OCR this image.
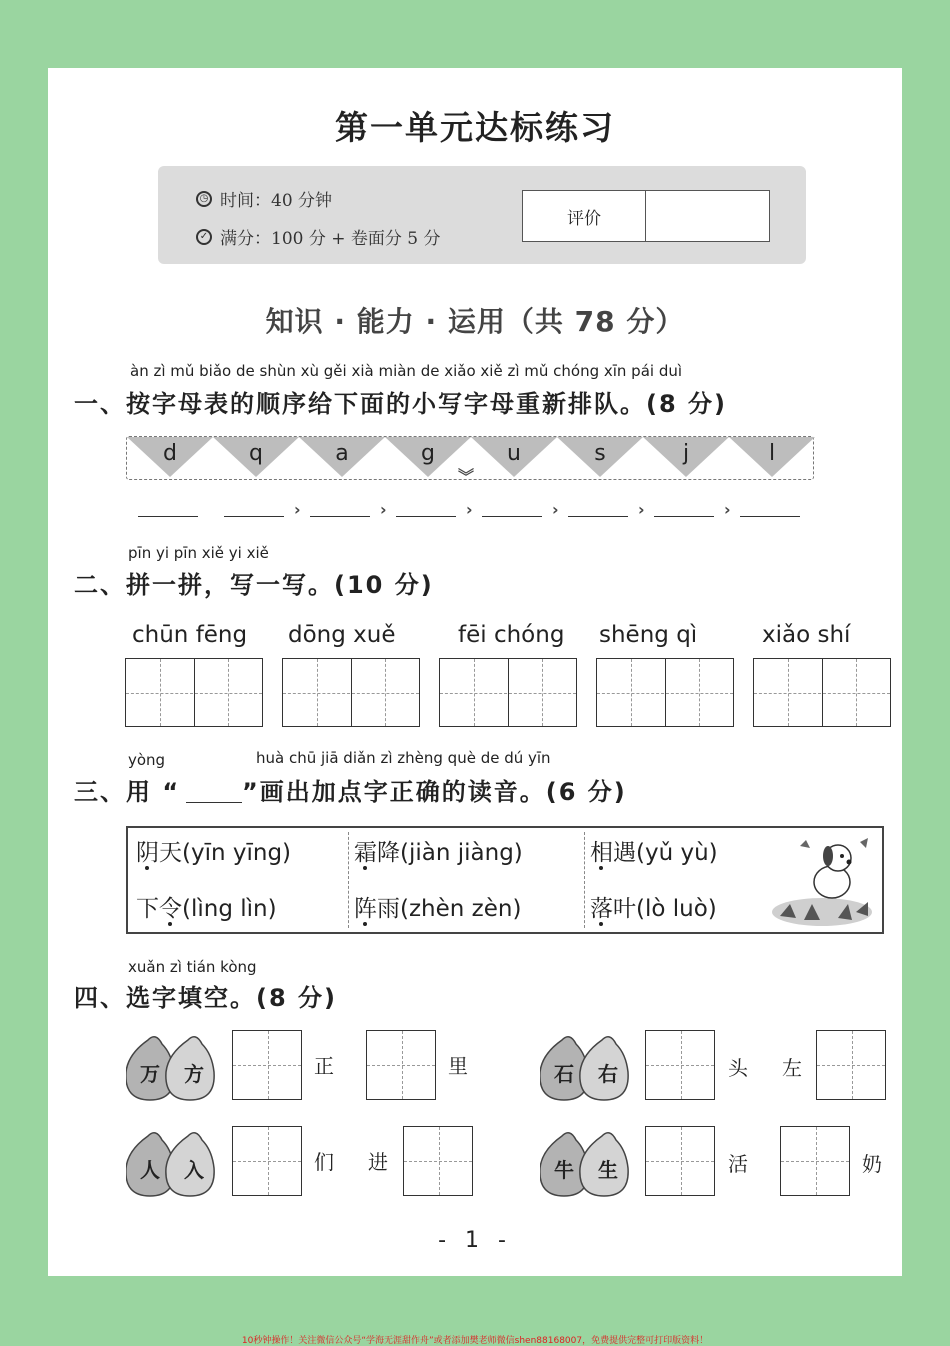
第一单元达标练习
◷ 时间：40 分钟
✓ 满分：100 分 + 卷面分 5 分
评价
知识 · 能力 · 运用（共 78 分）
àn zì mǔ biǎo de shùn xù gěi xià miàn de xiǎo xiě zì mǔ chóng xīn pái duì
一、按字母表的顺序给下面的小写字母重新排队。(8 分)
d	q	a	g	u	s	j	l
︾
›	›	›	›	›	›
pīn yi pīn xiě yi xiě
二、拼一拼，写一写。(10 分)
chūn fēng dōng xuě	fēi chóng shēng qì	xiǎo shí
yòng	huà chū jiā diǎn zì zhèng què de dú yīn
三、用 “	”画出加点字正确的读音。(6 分)
阴天(yīn yīng)	霜降(jiàn jiàng)	相遇(yǔ yù)
下令(lìng lìn)	阵雨(zhèn zèn)	落叶(lò luò)
xuǎn zì tián kòng
四、选字填空。(8 分)
万 方	正	里	石 右	头 左
人 入	们 进	牛 生	活	奶
- 1 -
10秒钟操作！关注微信公众号“学海无涯甜作舟”或者添加樊老师微信shen88168007，免费提供完整可打印版资料！
